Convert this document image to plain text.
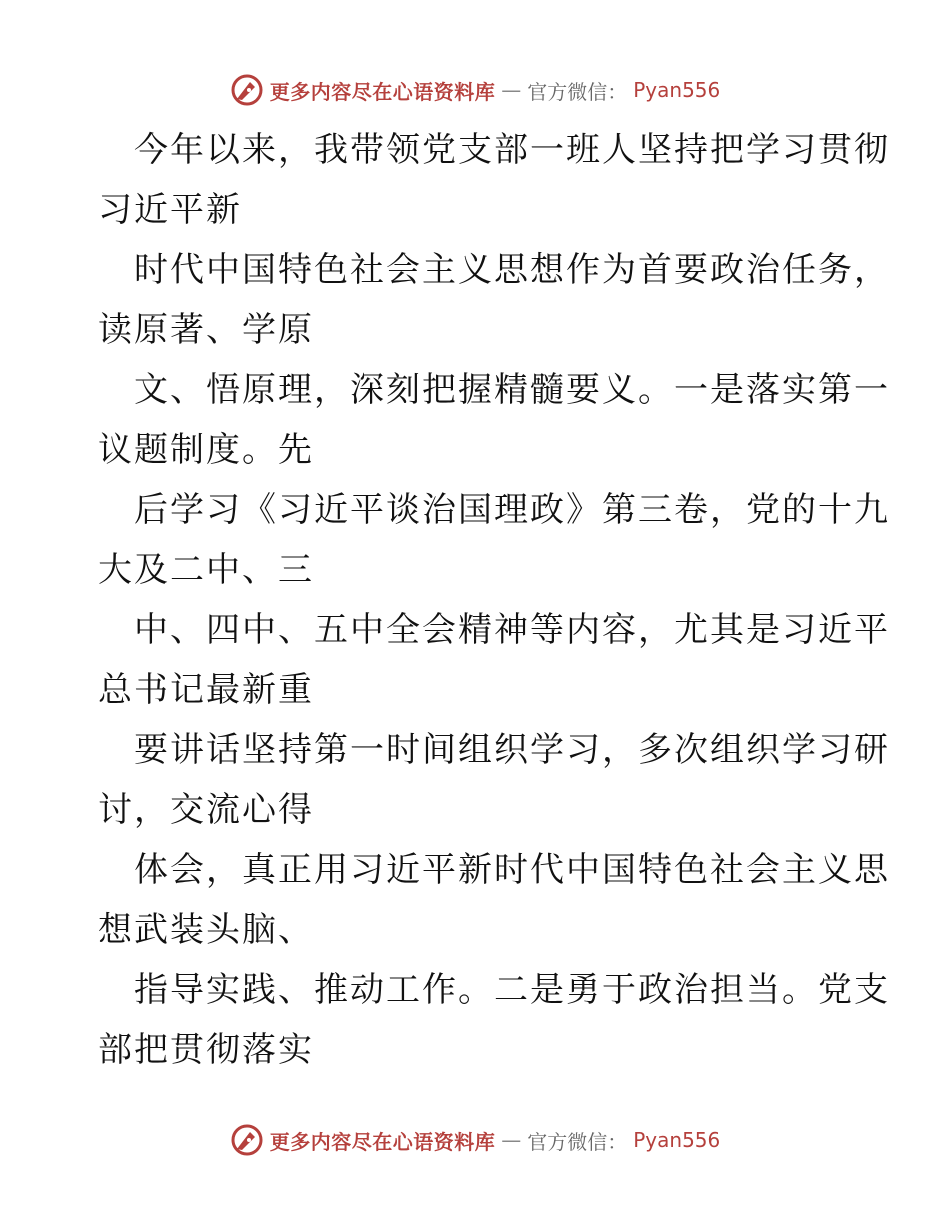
更多内容尽在心语资料库 — 官方微信： Pyan556
今年以来，我带领党支部一班人坚持把学习贯彻
习近平新
时代中国特色社会主义思想作为首要政治任务，
读原著、学原
文、悟原理，深刻把握精髓要义。一是落实第一
议题制度。先
后学习《习近平谈治国理政》第三卷，党的十九
大及二中、三
中、四中、五中全会精神等内容，尤其是习近平
总书记最新重
要讲话坚持第一时间组织学习，多次组织学习研
讨，交流心得
体会，真正用习近平新时代中国特色社会主义思
想武装头脑、
指导实践、推动工作。二是勇于政治担当。党支
部把贯彻落实
更多内容尽在心语资料库 — 官方微信： Pyan556
